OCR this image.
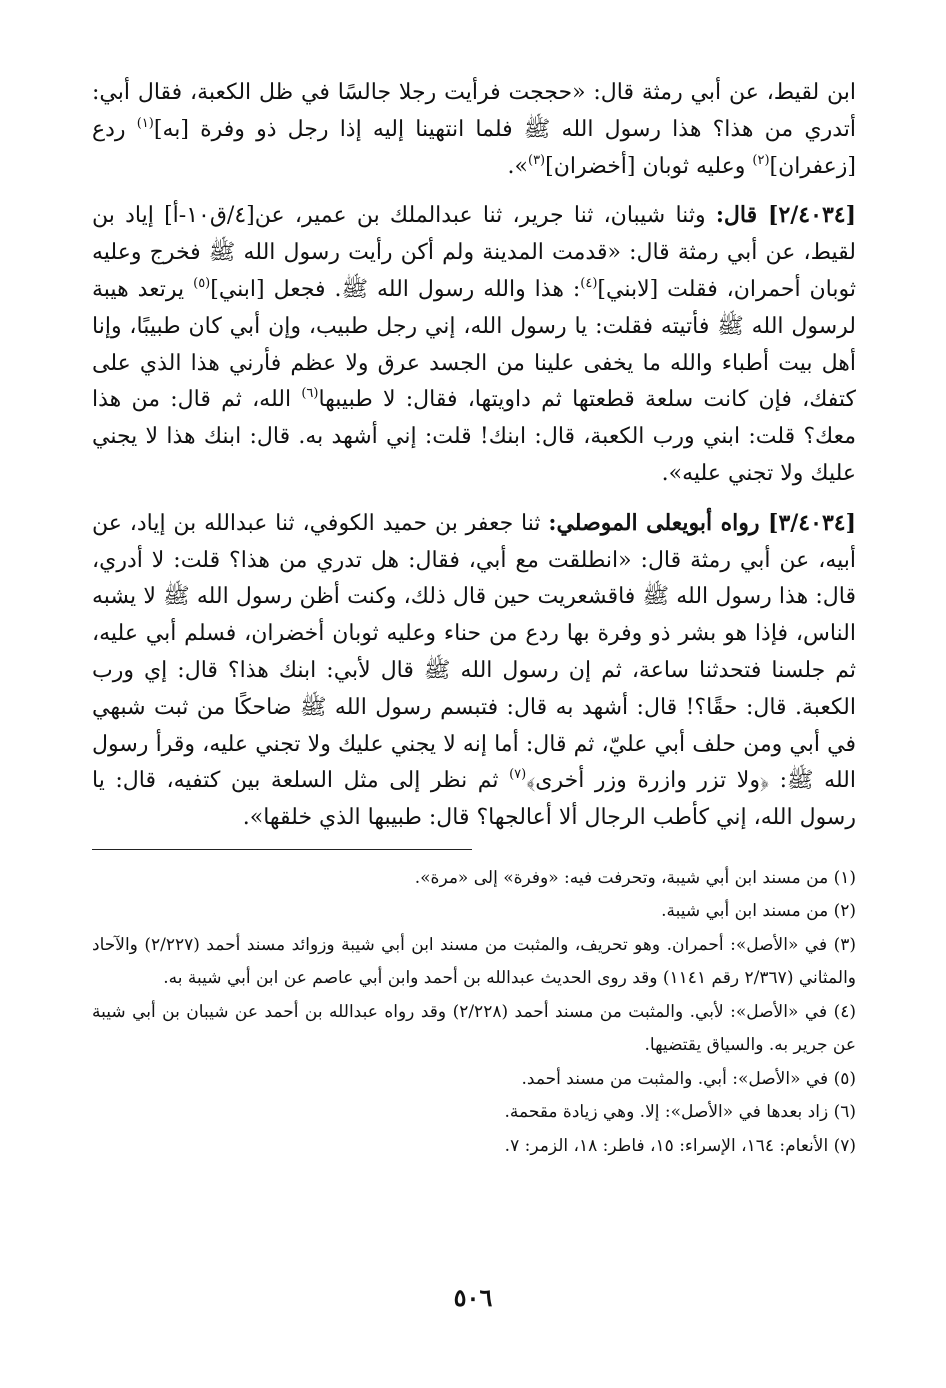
ابن لقيط، عن أبي رمثة قال: «حججت فرأيت رجلا جالسًا في ظل الكعبة، فقال أبي: أتدري من هذا؟ هذا رسول الله ﷺ فلما انتهينا إليه إذا رجل ذو وفرة [به]$^{(١)}$ ردع [زعفران]$^{(٢)}$ وعليه ثوبان [أخضران]$^{(٣)}$».

[٢/٤٠٣٤] قال: وثنا شيبان، ثنا جرير، ثنا عبدالملك بن عمير، عن[٤/ق١٠-أ] إياد بن لقيط، عن أبي رمثة قال: «قدمت المدينة ولم أكن رأيت رسول الله ﷺ فخرج وعليه ثوبان أحمران، فقلت [لابني]$^{(٤)}$: هذا والله رسول الله ﷺ. فجعل [ابني]$^{(٥)}$ يرتعد هيبة لرسول الله ﷺ فأتيته فقلت: يا رسول الله، إني رجل طبيب، وإن أبي كان طبيبًا، وإنا أهل بيت أطباء والله ما يخفى علينا من الجسد عرق ولا عظم فأرني هذا الذي على كتفك، فإن كانت سلعة قطعتها ثم داويتها، فقال: لا طبيبها$^{(٦)}$ الله، ثم قال: من هذا معك؟ قلت: ابني ورب الكعبة، قال: ابنك! قلت: إني أشهد به. قال: ابنك هذا لا يجني عليك ولا تجني عليه».

[٣/٤٠٣٤] رواه أبويعلى الموصلي: ثنا جعفر بن حميد الكوفي، ثنا عبدالله بن إياد، عن أبيه، عن أبي رمثة قال: «انطلقت مع أبي، فقال: هل تدري من هذا؟ قلت: لا أدري، قال: هذا رسول الله ﷺ فاقشعريت حين قال ذلك، وكنت أظن رسول الله ﷺ لا يشبه الناس، فإذا هو بشر ذو وفرة بها ردع من حناء وعليه ثوبان أخضران، فسلم أبي عليه، ثم جلسنا فتحدثنا ساعة، ثم إن رسول الله ﷺ قال لأبي: ابنك هذا؟ قال: إي ورب الكعبة. قال: حقًا؟! قال: أشهد به قال: فتبسم رسول الله ﷺ ضاحكًا من ثبت شبهي في أبي ومن حلف أبي عليّ، ثم قال: أما إنه لا يجني عليك ولا تجني عليه، وقرأ رسول الله ﷺ: ﴿ولا تزر وازرة وزر أخرى﴾$^{(٧)}$ ثم نظر إلى مثل السلعة بين كتفيه، قال: يا رسول الله، إني كأطب الرجال ألا أعالجها؟ قال: طبيبها الذي خلقها».

(١) من مسند ابن أبي شيبة، وتحرفت فيه: «وفرة» إلى «مرة».

(٢) من مسند ابن أبي شيبة.

(٣) في «الأصل»: أحمران. وهو تحريف، والمثبت من مسند ابن أبي شيبة وزوائد مسند أحمد (٢/٢٢٧) والآحاد والمثاني (٢/٣٦٧ رقم ١١٤١) وقد روى الحديث عبدالله بن أحمد وابن أبي عاصم عن ابن أبي شيبة به.

(٤) في «الأصل»: لأبي. والمثبت من مسند أحمد (٢/٢٢٨) وقد رواه عبدالله بن أحمد عن شيبان بن أبي شيبة عن جرير به. والسياق يقتضيها.

(٥) في «الأصل»: أبي. والمثبت من مسند أحمد.

(٦) زاد بعدها في «الأصل»: إلا. وهي زيادة مقحمة.

(٧) الأنعام: ١٦٤، الإسراء: ١٥، فاطر: ١٨، الزمر: ٧.

٥٠٦
